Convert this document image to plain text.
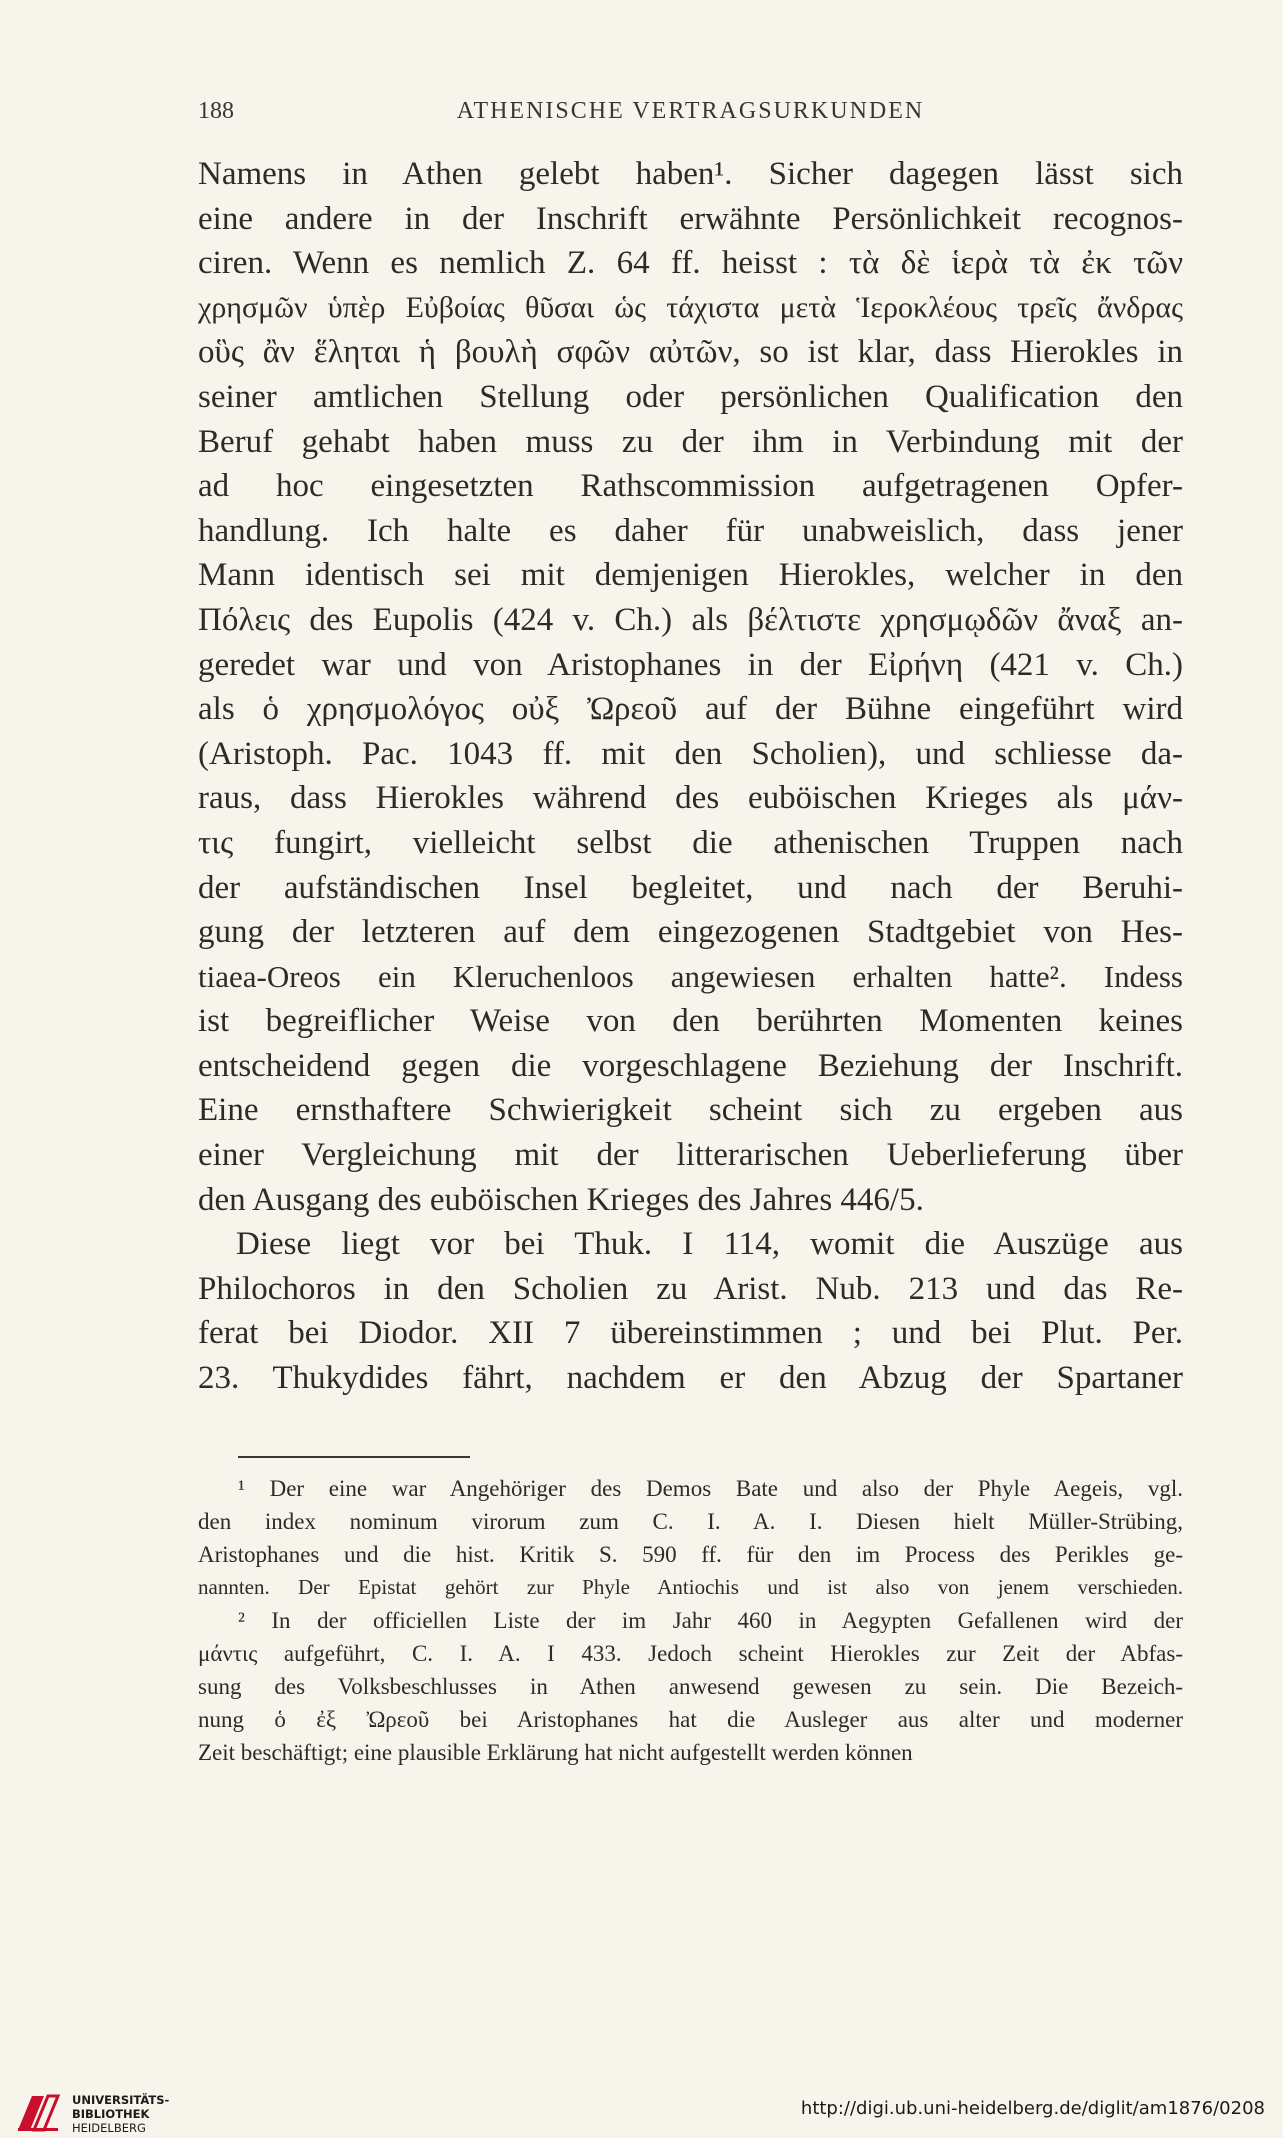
188	ATHENISCHE VERTRAGSURKUNDEN
Namens in Athen gelebt haben¹. Sicher dagegen lässt sich
eine andere in der Inschrift erwähnte Persönlichkeit recognos-
ciren. Wenn es nemlich Z. 64 ff. heisst : τὰ δὲ ἱερὰ τὰ ἐκ τῶν
χρησμῶν ὑπὲρ Εὐβοίας θῦσαι ὡς τάχιστα μετὰ Ἱεροκλέους τρεῖς ἄνδρας
οὓς ἂν ἕληται ἡ βουλὴ σφῶν αὐτῶν, so ist klar, dass Hierokles in
seiner amtlichen Stellung oder persönlichen Qualification den
Beruf gehabt haben muss zu der ihm in Verbindung mit der
ad hoc eingesetzten Rathscommission aufgetragenen Opfer-
handlung. Ich halte es daher für unabweislich, dass jener
Mann identisch sei mit demjenigen Hierokles, welcher in den
Πόλεις des Eupolis (424 v. Ch.) als βέλτιστε χρησμῳδῶν ἄναξ an-
geredet war und von Aristophanes in der Εἰρήνη (421 v. Ch.)
als ὁ χρησμολόγος οὐξ Ὠρεοῦ auf der Bühne eingeführt wird
(Aristoph. Pac. 1043 ff. mit den Scholien), und schliesse da-
raus, dass Hierokles während des euböischen Krieges als μάν-
τις fungirt, vielleicht selbst die athenischen Truppen nach
der aufständischen Insel begleitet, und nach der Beruhi-
gung der letzteren auf dem eingezogenen Stadtgebiet von Hes-
tiaea-Oreos ein Kleruchenloos angewiesen erhalten hatte². Indess
ist begreiflicher Weise von den berührten Momenten keines
entscheidend gegen die vorgeschlagene Beziehung der Inschrift.
Eine ernsthaftere Schwierigkeit scheint sich zu ergeben aus
einer Vergleichung mit der litterarischen Ueberlieferung über
den Ausgang des euböischen Krieges des Jahres 446/5.
Diese liegt vor bei Thuk. I 114, womit die Auszüge aus
Philochoros in den Scholien zu Arist. Nub. 213 und das Re-
ferat bei Diodor. XII 7 übereinstimmen ; und bei Plut. Per.
23. Thukydides fährt, nachdem er den Abzug der Spartaner
¹ Der eine war Angehöriger des Demos Bate und also der Phyle Aegeis, vgl.
den index nominum virorum zum C. I. A. I. Diesen hielt Müller-Strübing,
Aristophanes und die hist. Kritik S. 590 ff. für den im Process des Perikles ge-
nannten. Der Epistat gehört zur Phyle Antiochis und ist also von jenem verschieden.
² In der officiellen Liste der im Jahr 460 in Aegypten Gefallenen wird der
μάντις aufgeführt, C. I. A. I 433. Jedoch scheint Hierokles zur Zeit der Abfas-
sung des Volksbeschlusses in Athen anwesend gewesen zu sein. Die Bezeich-
nung ὁ ἐξ Ὠρεοῦ bei Aristophanes hat die Ausleger aus alter und moderner
Zeit beschäftigt; eine plausible Erklärung hat nicht aufgestellt werden können
UNIVERSITÄTS-
BIBLIOTHEK
HEIDELBERG
http://digi.ub.uni-heidelberg.de/diglit/am1876/0208
